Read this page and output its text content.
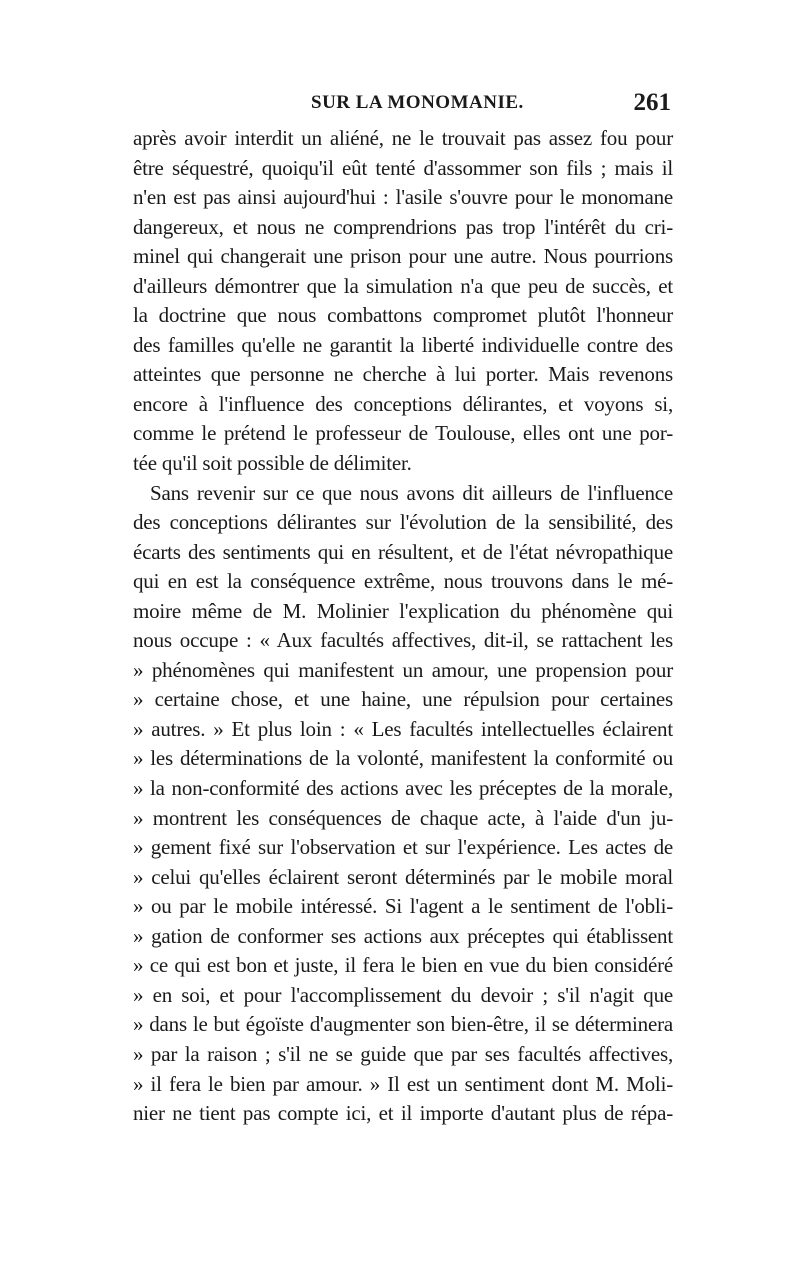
SUR LA MONOMANIE.	261
après avoir interdit un aliéné, ne le trouvait pas assez fou pour
être séquestré, quoiqu'il eût tenté d'assommer son fils ; mais il
n'en est pas ainsi aujourd'hui : l'asile s'ouvre pour le monomane
dangereux, et nous ne comprendrions pas trop l'intérêt du cri-
minel qui changerait une prison pour une autre. Nous pourrions
d'ailleurs démontrer que la simulation n'a que peu de succès, et
la doctrine que nous combattons compromet plutôt l'honneur
des familles qu'elle ne garantit la liberté individuelle contre des
atteintes que personne ne cherche à lui porter. Mais revenons
encore à l'influence des conceptions délirantes, et voyons si,
comme le prétend le professeur de Toulouse, elles ont une por-
tée qu'il soit possible de délimiter.
Sans revenir sur ce que nous avons dit ailleurs de l'influence
des conceptions délirantes sur l'évolution de la sensibilité, des
écarts des sentiments qui en résultent, et de l'état névropathique
qui en est la conséquence extrême, nous trouvons dans le mé-
moire même de M. Molinier l'explication du phénomène qui
nous occupe : « Aux facultés affectives, dit-il, se rattachent les
» phénomènes qui manifestent un amour, une propension pour
» certaine chose, et une haine, une répulsion pour certaines
» autres. » Et plus loin : « Les facultés intellectuelles éclairent
» les déterminations de la volonté, manifestent la conformité ou
» la non-conformité des actions avec les préceptes de la morale,
» montrent les conséquences de chaque acte, à l'aide d'un ju-
» gement fixé sur l'observation et sur l'expérience. Les actes de
» celui qu'elles éclairent seront déterminés par le mobile moral
» ou par le mobile intéressé. Si l'agent a le sentiment de l'obli-
» gation de conformer ses actions aux préceptes qui établissent
» ce qui est bon et juste, il fera le bien en vue du bien considéré
» en soi, et pour l'accomplissement du devoir ; s'il n'agit que
» dans le but égoïste d'augmenter son bien-être, il se déterminera
» par la raison ; s'il ne se guide que par ses facultés affectives,
» il fera le bien par amour. » Il est un sentiment dont M. Moli-
nier ne tient pas compte ici, et il importe d'autant plus de répa-
